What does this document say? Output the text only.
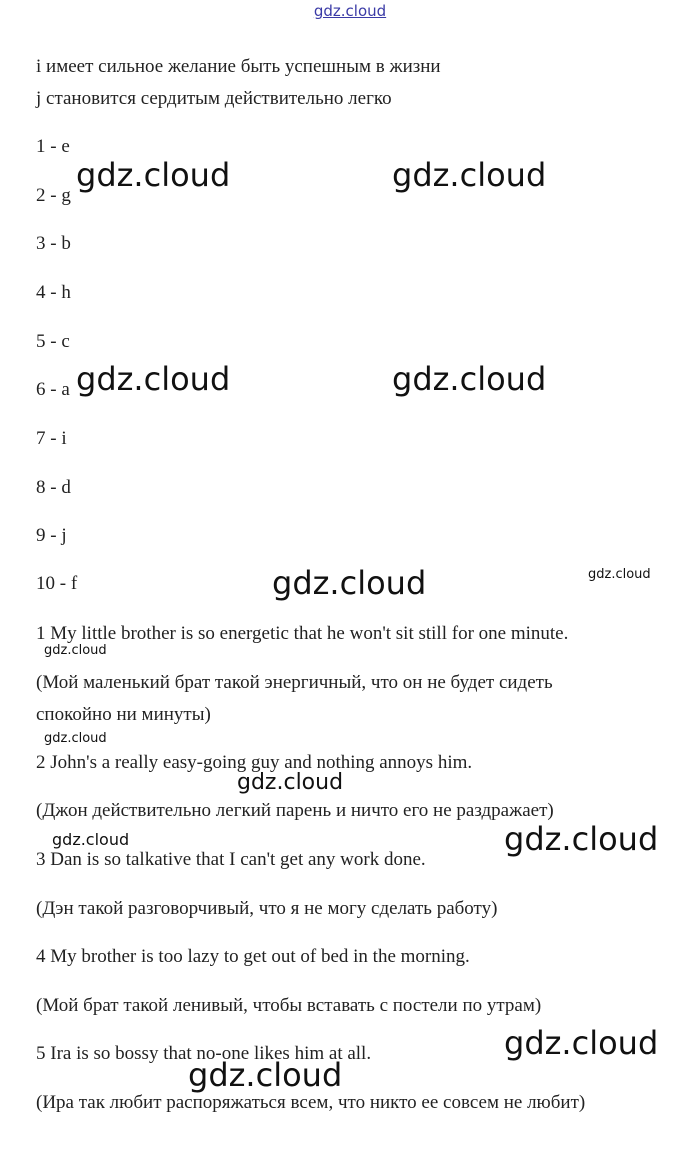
gdz.cloud

i имеет сильное желание быть успешным в жизни

j становится сердитым действительно легко

1 - e

2 - g

3 - b

4 - h

5 - c

6 - a

7 - i

8 - d

9 - j

10 - f

1 My little brother is so energetic that he won't sit still for one minute.

(Мой маленький брат такой энергичный, что он не будет сидеть

спокойно ни минуты)

2 John's a really easy-going guy and nothing annoys him.

(Джон действительно легкий парень и ничто его не раздражает)

3 Dan is so talkative that I can't get any work done.

(Дэн такой разговорчивый, что я не могу сделать работу)

4 My brother is too lazy to get out of bed in the morning.

(Мой брат такой ленивый, чтобы вставать с постели по утрам)

5 Ira is so bossy that no-one likes him at all.

(Ира так любит распоряжаться всем, что никто ее совсем не любит)

gdz.cloud	gdz.cloud
gdz.cloud	gdz.cloud
gdz.cloud	gdz.cloud
gdz.cloud
gdz.cloud
gdz.cloud
gdz.cloud	gdz.cloud
gdz.cloud
gdz.cloud
